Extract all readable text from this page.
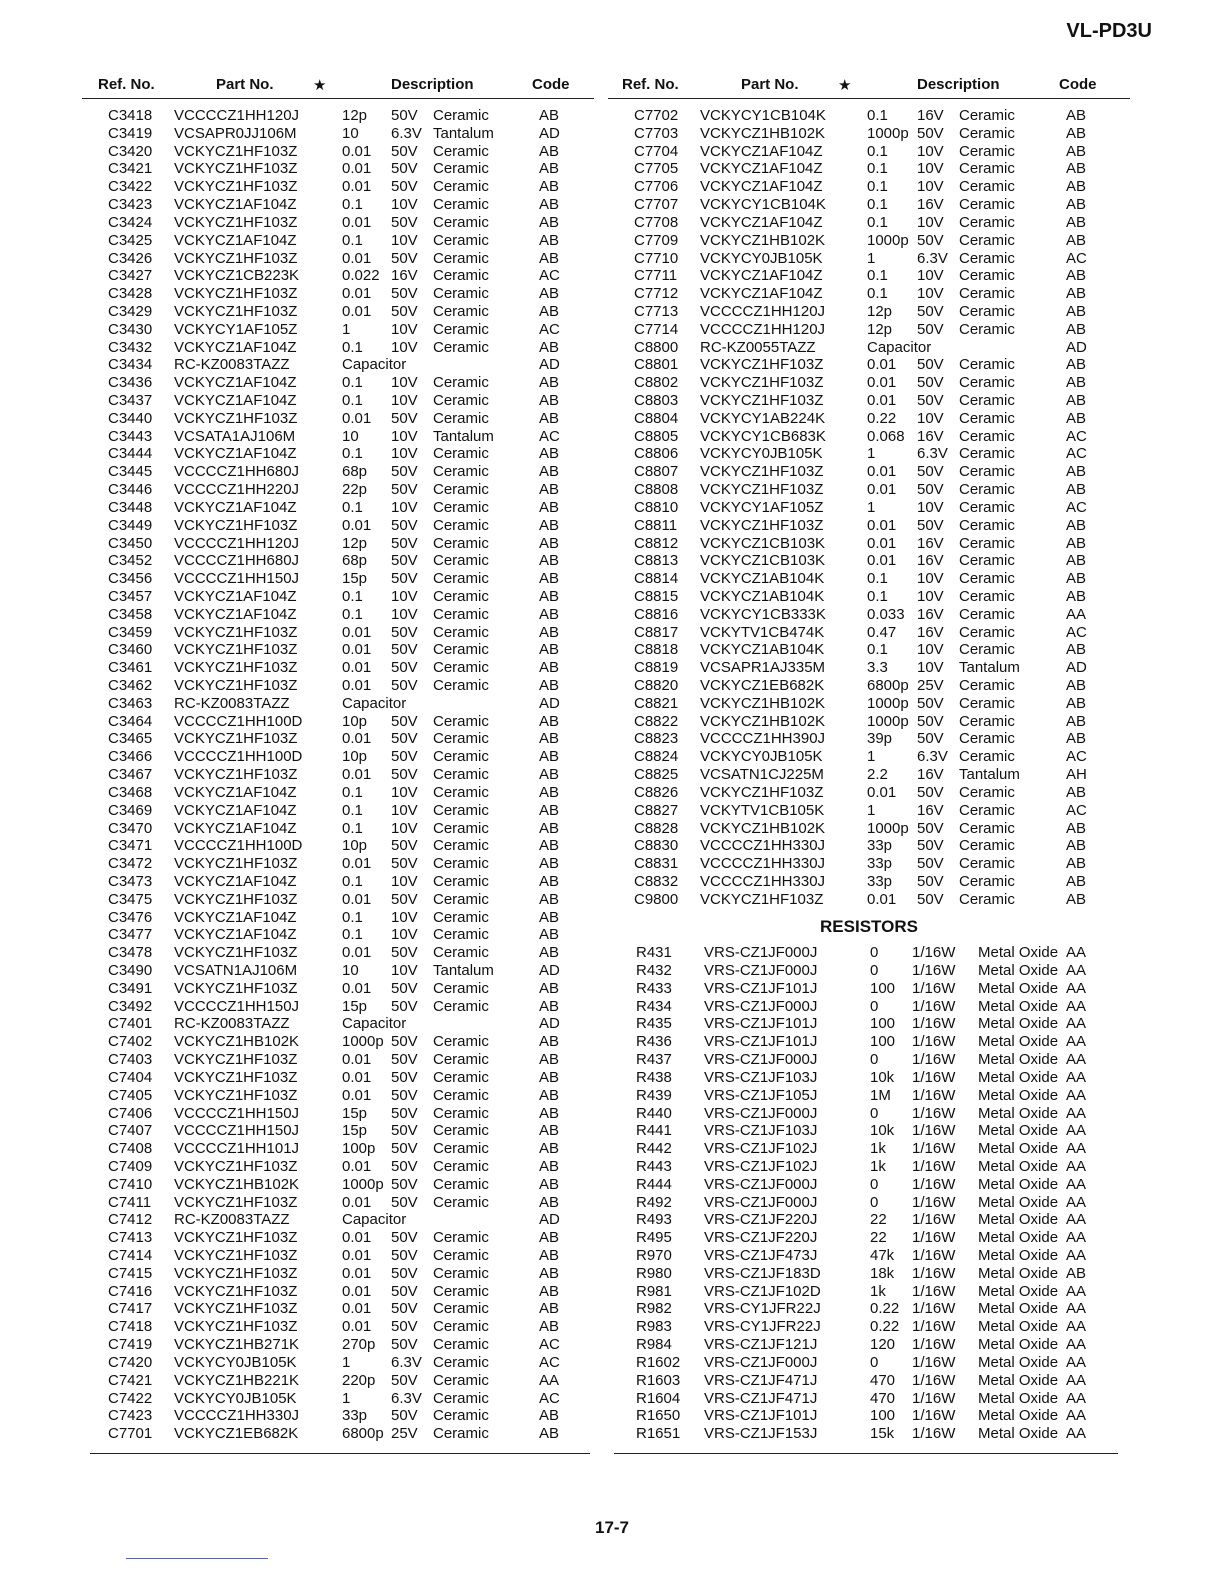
VL-PD3U
Ref. No.	Part No.	★	Description	Code
C3418 VCCCCZ1HH120J	12p 50V Ceramic	AB
C3419 VCSAPR0JJ106M	10 6.3V Tantalum	AD
C3420 VCKYCZ1HF103Z	0.01 50V Ceramic	AB
C3421 VCKYCZ1HF103Z	0.01 50V Ceramic	AB
C3422 VCKYCZ1HF103Z	0.01 50V Ceramic	AB
C3423 VCKYCZ1AF104Z	0.1 10V Ceramic	AB
C3424 VCKYCZ1HF103Z	0.01 50V Ceramic	AB
C3425 VCKYCZ1AF104Z	0.1 10V Ceramic	AB
C3426 VCKYCZ1HF103Z	0.01 50V Ceramic	AB
C3427 VCKYCZ1CB223K	0.022 16V Ceramic	AC
C3428 VCKYCZ1HF103Z	0.01 50V Ceramic	AB
C3429 VCKYCZ1HF103Z	0.01 50V Ceramic	AB
C3430 VCKYCY1AF105Z	1	10V Ceramic	AC
C3432 VCKYCZ1AF104Z	0.1 10V Ceramic	AB
C3434 RC-KZ0083TAZZ	Capacitor	AD
C3436 VCKYCZ1AF104Z	0.1 10V Ceramic	AB
C3437 VCKYCZ1AF104Z	0.1 10V Ceramic	AB
C3440 VCKYCZ1HF103Z	0.01 50V Ceramic	AB
C3443 VCSATA1AJ106M	10 10V Tantalum	AC
C3444 VCKYCZ1AF104Z	0.1 10V Ceramic	AB
C3445 VCCCCZ1HH680J	68p 50V Ceramic	AB
C3446 VCCCCZ1HH220J	22p 50V Ceramic	AB
C3448 VCKYCZ1AF104Z	0.1 10V Ceramic	AB
C3449 VCKYCZ1HF103Z	0.01 50V Ceramic	AB
C3450 VCCCCZ1HH120J	12p 50V Ceramic	AB
C3452 VCCCCZ1HH680J	68p 50V Ceramic	AB
C3456 VCCCCZ1HH150J	15p 50V Ceramic	AB
C3457 VCKYCZ1AF104Z	0.1 10V Ceramic	AB
C3458 VCKYCZ1AF104Z	0.1 10V Ceramic	AB
C3459 VCKYCZ1HF103Z	0.01 50V Ceramic	AB
C3460 VCKYCZ1HF103Z	0.01 50V Ceramic	AB
C3461 VCKYCZ1HF103Z	0.01 50V Ceramic	AB
C3462 VCKYCZ1HF103Z	0.01 50V Ceramic	AB
C3463 RC-KZ0083TAZZ	Capacitor	AD
C3464 VCCCCZ1HH100D	10p 50V Ceramic	AB
C3465 VCKYCZ1HF103Z	0.01 50V Ceramic	AB
C3466 VCCCCZ1HH100D	10p 50V Ceramic	AB
C3467 VCKYCZ1HF103Z	0.01 50V Ceramic	AB
C3468 VCKYCZ1AF104Z	0.1 10V Ceramic	AB
C3469 VCKYCZ1AF104Z	0.1 10V Ceramic	AB
C3470 VCKYCZ1AF104Z	0.1 10V Ceramic	AB
C3471 VCCCCZ1HH100D	10p 50V Ceramic	AB
C3472 VCKYCZ1HF103Z	0.01 50V Ceramic	AB
C3473 VCKYCZ1AF104Z	0.1 10V Ceramic	AB
C3475 VCKYCZ1HF103Z	0.01 50V Ceramic	AB
C3476 VCKYCZ1AF104Z	0.1 10V Ceramic	AB
C3477 VCKYCZ1AF104Z	0.1 10V Ceramic	AB
C3478 VCKYCZ1HF103Z	0.01 50V Ceramic	AB
C3490 VCSATN1AJ106M	10 10V Tantalum	AD
C3491 VCKYCZ1HF103Z	0.01 50V Ceramic	AB
C3492 VCCCCZ1HH150J	15p 50V Ceramic	AB
C7401 RC-KZ0083TAZZ	Capacitor	AD
C7402 VCKYCZ1HB102K	1000p 50V Ceramic	AB
C7403 VCKYCZ1HF103Z	0.01 50V Ceramic	AB
C7404 VCKYCZ1HF103Z	0.01 50V Ceramic	AB
C7405 VCKYCZ1HF103Z	0.01 50V Ceramic	AB
C7406 VCCCCZ1HH150J	15p 50V Ceramic	AB
C7407 VCCCCZ1HH150J	15p 50V Ceramic	AB
C7408 VCCCCZ1HH101J	100p 50V Ceramic	AB
C7409 VCKYCZ1HF103Z	0.01 50V Ceramic	AB
C7410 VCKYCZ1HB102K	1000p 50V Ceramic	AB
C7411 VCKYCZ1HF103Z	0.01 50V Ceramic	AB
C7412 RC-KZ0083TAZZ	Capacitor	AD
C7413 VCKYCZ1HF103Z	0.01 50V Ceramic	AB
C7414 VCKYCZ1HF103Z	0.01 50V Ceramic	AB
C7415 VCKYCZ1HF103Z	0.01 50V Ceramic	AB
C7416 VCKYCZ1HF103Z	0.01 50V Ceramic	AB
C7417 VCKYCZ1HF103Z	0.01 50V Ceramic	AB
C7418 VCKYCZ1HF103Z	0.01 50V Ceramic	AB
C7419 VCKYCZ1HB271K	270p 50V Ceramic	AC
C7420 VCKYCY0JB105K	1	6.3V Ceramic	AC
C7421 VCKYCZ1HB221K	220p 50V Ceramic	AA
C7422 VCKYCY0JB105K	1	6.3V Ceramic	AC
C7423 VCCCCZ1HH330J	33p 50V Ceramic	AB
C7701 VCKYCZ1EB682K	6800p 25V Ceramic	AB
Ref. No.	Part No.	★	Description	Code
C7702 VCKYCY1CB104K	0.1 16V Ceramic	AB
C7703 VCKYCZ1HB102K	1000p 50V Ceramic	AB
C7704 VCKYCZ1AF104Z	0.1 10V Ceramic	AB
C7705 VCKYCZ1AF104Z	0.1 10V Ceramic	AB
C7706 VCKYCZ1AF104Z	0.1 10V Ceramic	AB
C7707 VCKYCY1CB104K	0.1 16V Ceramic	AB
C7708 VCKYCZ1AF104Z	0.1 10V Ceramic	AB
C7709 VCKYCZ1HB102K	1000p 50V Ceramic	AB
C7710 VCKYCY0JB105K	1	6.3V Ceramic	AC
C7711 VCKYCZ1AF104Z	0.1 10V Ceramic	AB
C7712 VCKYCZ1AF104Z	0.1 10V Ceramic	AB
C7713 VCCCCZ1HH120J	12p 50V Ceramic	AB
C7714 VCCCCZ1HH120J	12p 50V Ceramic	AB
C8800 RC-KZ0055TAZZ	Capacitor	AD
C8801 VCKYCZ1HF103Z	0.01 50V Ceramic	AB
C8802 VCKYCZ1HF103Z	0.01 50V Ceramic	AB
C8803 VCKYCZ1HF103Z	0.01 50V Ceramic	AB
C8804 VCKYCY1AB224K	0.22 10V Ceramic	AB
C8805 VCKYCY1CB683K	0.068 16V Ceramic	AC
C8806 VCKYCY0JB105K	1	6.3V Ceramic	AC
C8807 VCKYCZ1HF103Z	0.01 50V Ceramic	AB
C8808 VCKYCZ1HF103Z	0.01 50V Ceramic	AB
C8810 VCKYCY1AF105Z	1	10V Ceramic	AC
C8811 VCKYCZ1HF103Z	0.01 50V Ceramic	AB
C8812 VCKYCZ1CB103K	0.01 16V Ceramic	AB
C8813 VCKYCZ1CB103K	0.01 16V Ceramic	AB
C8814 VCKYCZ1AB104K	0.1 10V Ceramic	AB
C8815 VCKYCZ1AB104K	0.1 10V Ceramic	AB
C8816 VCKYCY1CB333K	0.033 16V Ceramic	AA
C8817 VCKYTV1CB474K	0.47 16V Ceramic	AC
C8818 VCKYCZ1AB104K	0.1 10V Ceramic	AB
C8819 VCSAPR1AJ335M	3.3 10V Tantalum	AD
C8820 VCKYCZ1EB682K	6800p 25V Ceramic	AB
C8821 VCKYCZ1HB102K	1000p 50V Ceramic	AB
C8822 VCKYCZ1HB102K	1000p 50V Ceramic	AB
C8823 VCCCCZ1HH390J	39p 50V Ceramic	AB
C8824 VCKYCY0JB105K	1	6.3V Ceramic	AC
C8825 VCSATN1CJ225M	2.2 16V Tantalum	AH
C8826 VCKYCZ1HF103Z	0.01 50V Ceramic	AB
C8827 VCKYTV1CB105K	1	16V Ceramic	AC
C8828 VCKYCZ1HB102K	1000p 50V Ceramic	AB
C8830 VCCCCZ1HH330J	33p 50V Ceramic	AB
C8831 VCCCCZ1HH330J	33p 50V Ceramic	AB
C8832 VCCCCZ1HH330J	33p 50V Ceramic	AB
C9800 VCKYCZ1HF103Z	0.01 50V Ceramic	AB
RESISTORS
R431 VRS-CZ1JF000J	0 1/16W Metal Oxide AA
R432 VRS-CZ1JF000J	0 1/16W Metal Oxide AA
R433 VRS-CZ1JF101J	100 1/16W Metal Oxide AA
R434 VRS-CZ1JF000J	0 1/16W Metal Oxide AA
R435 VRS-CZ1JF101J	100 1/16W Metal Oxide AA
R436 VRS-CZ1JF101J	100 1/16W Metal Oxide AA
R437 VRS-CZ1JF000J	0 1/16W Metal Oxide AA
R438 VRS-CZ1JF103J	10k 1/16W Metal Oxide AA
R439 VRS-CZ1JF105J	1M 1/16W Metal Oxide AA
R440 VRS-CZ1JF000J	0 1/16W Metal Oxide AA
R441 VRS-CZ1JF103J	10k 1/16W Metal Oxide AA
R442 VRS-CZ1JF102J	1k 1/16W Metal Oxide AA
R443 VRS-CZ1JF102J	1k 1/16W Metal Oxide AA
R444 VRS-CZ1JF000J	0 1/16W Metal Oxide AA
R492 VRS-CZ1JF000J	0 1/16W Metal Oxide AA
R493 VRS-CZ1JF220J	22 1/16W Metal Oxide AA
R495 VRS-CZ1JF220J	22 1/16W Metal Oxide AA
R970 VRS-CZ1JF473J	47k 1/16W Metal Oxide AA
R980 VRS-CZ1JF183D	18k 1/16W Metal Oxide AB
R981 VRS-CZ1JF102D	1k 1/16W Metal Oxide AA
R982 VRS-CY1JFR22J	0.22 1/16W Metal Oxide AA
R983 VRS-CY1JFR22J	0.22 1/16W Metal Oxide AA
R984 VRS-CZ1JF121J	120 1/16W Metal Oxide AA
R1602 VRS-CZ1JF000J	0 1/16W Metal Oxide AA
R1603 VRS-CZ1JF471J	470 1/16W Metal Oxide AA
R1604 VRS-CZ1JF471J	470 1/16W Metal Oxide AA
R1650 VRS-CZ1JF101J	100 1/16W Metal Oxide AA
R1651 VRS-CZ1JF153J	15k 1/16W Metal Oxide AA
17-7
